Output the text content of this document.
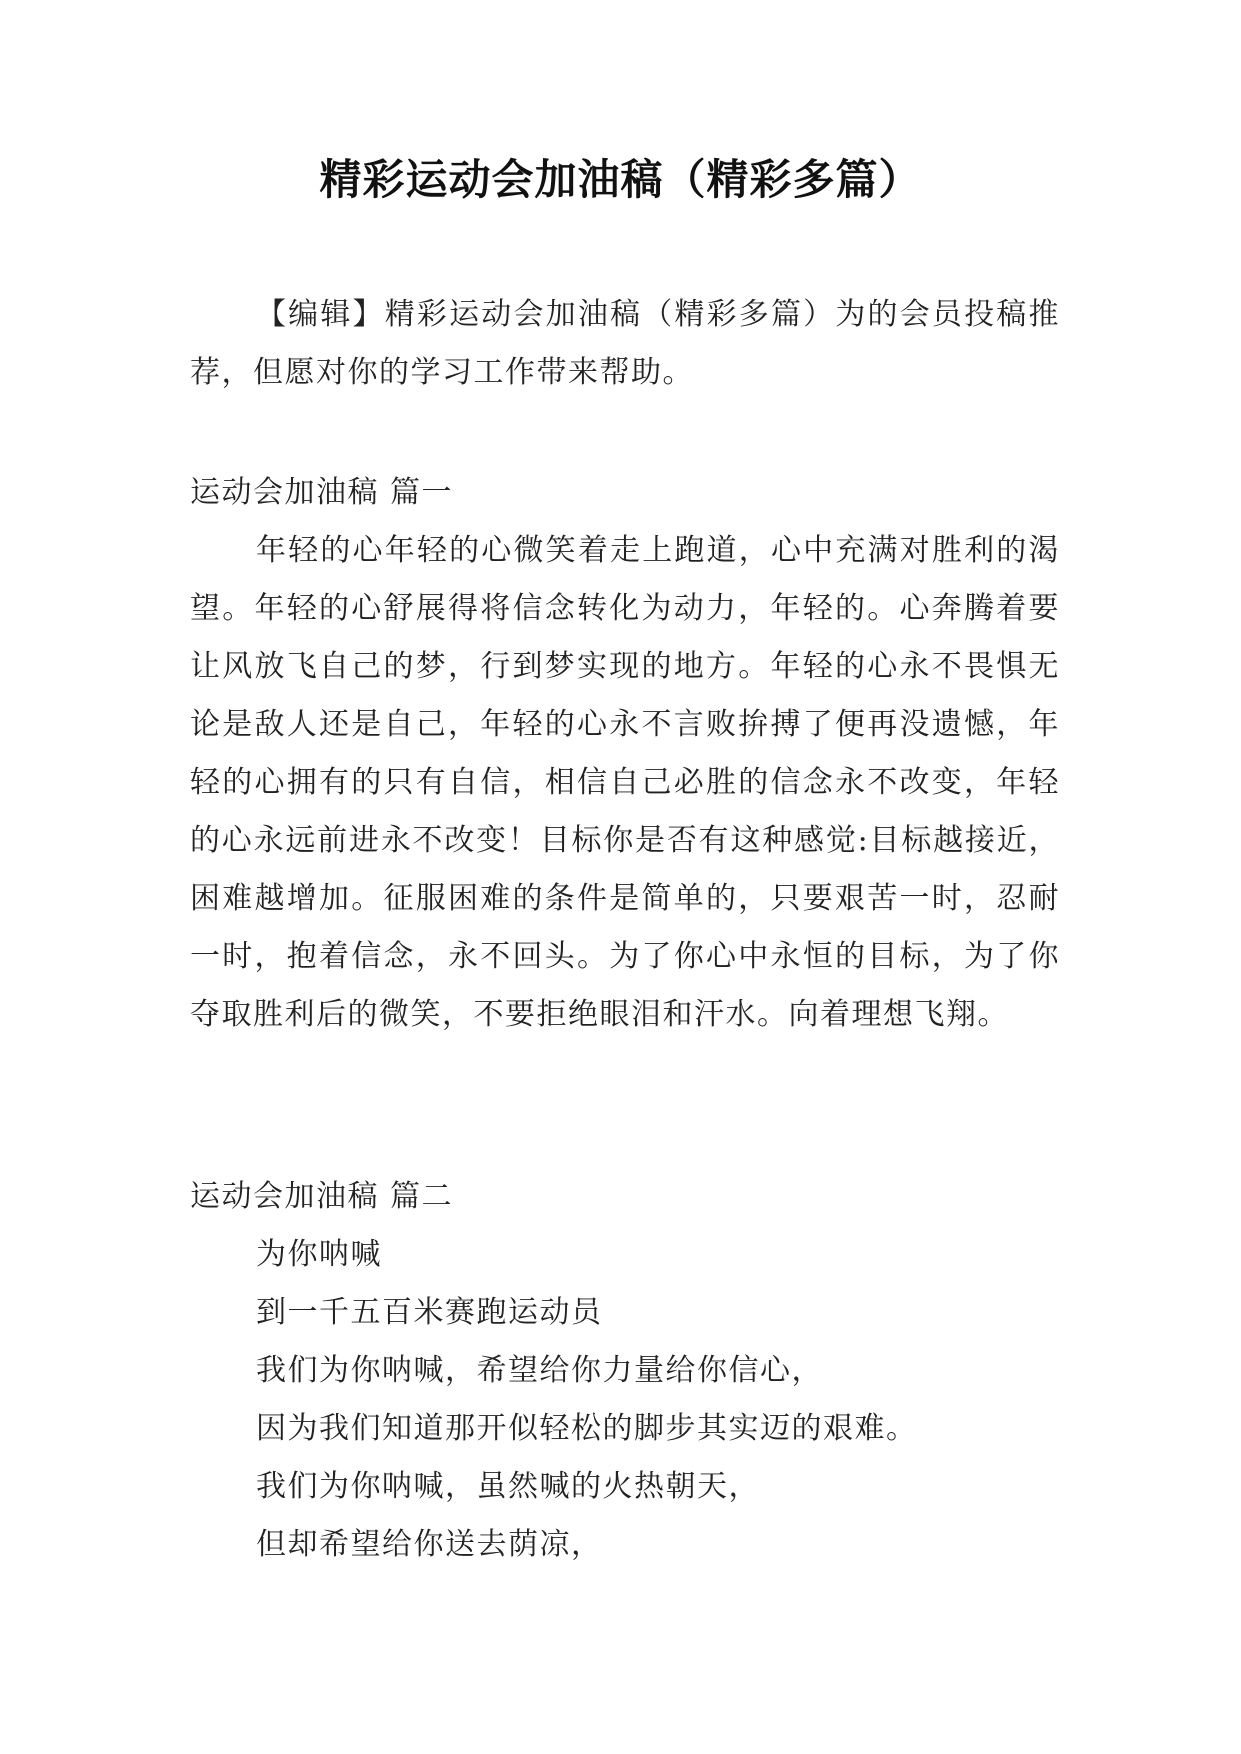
精彩运动会加油稿（精彩多篇）
【编辑】精彩运动会加油稿（精彩多篇）为的会员投稿推荐，但愿对你的学习工作带来帮助。
运动会加油稿 篇一
年轻的心年轻的心微笑着走上跑道，心中充满对胜利的渴望。年轻的心舒展得将信念转化为动力，年轻的。心奔腾着要让风放飞自己的梦，行到梦实现的地方。年轻的心永不畏惧无论是敌人还是自己，年轻的心永不言败拚搏了便再没遗憾，年轻的心拥有的只有自信，相信自己必胜的信念永不改变，年轻的心永远前进永不改变！目标你是否有这种感觉:目标越接近，困难越增加。征服困难的条件是简单的，只要艰苦一时，忍耐一时，抱着信念，永不回头。为了你心中永恒的目标，为了你夺取胜利后的微笑，不要拒绝眼泪和汗水。向着理想飞翔。
运动会加油稿 篇二
为你呐喊
到一千五百米赛跑运动员
我们为你呐喊，希望给你力量给你信心，
因为我们知道那开似轻松的脚步其实迈的艰难。
我们为你呐喊，虽然喊的火热朝天，
但却希望给你送去荫凉，
